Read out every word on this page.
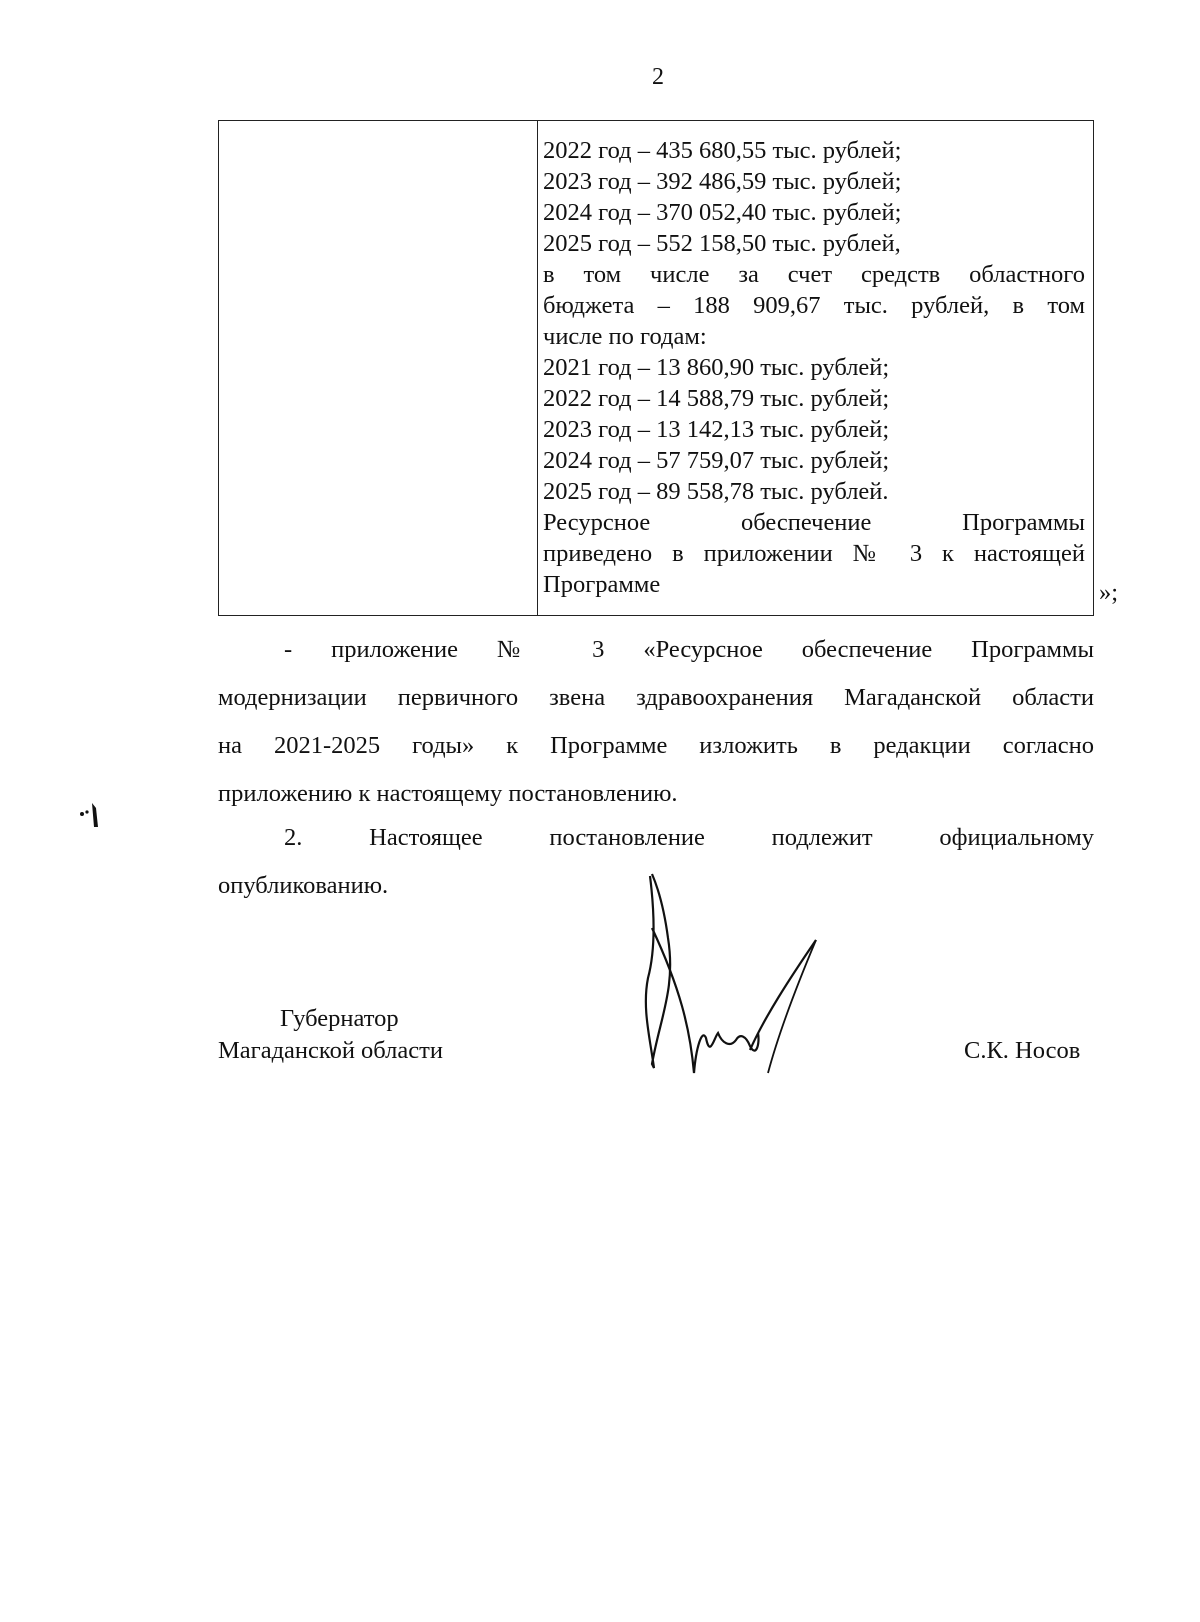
2
2022 год – 435 680,55 тыс. рублей;
2023 год – 392 486,59 тыс. рублей;
2024 год – 370 052,40 тыс. рублей;
2025 год – 552 158,50 тыс. рублей,
в том числе за счет средств областного
бюджета – 188 909,67 тыс. рублей, в том
числе по годам:
2021 год – 13 860,90 тыс. рублей;
2022 год – 14 588,79 тыс. рублей;
2023 год – 13 142,13 тыс. рублей;
2024 год – 57 759,07 тыс. рублей;
2025 год – 89 558,78 тыс. рублей.
Ресурсное обеспечение Программы
приведено в приложении № 3 к настоящей
Программе	»;
- приложение № 3 «Ресурсное обеспечение Программы
модернизации первичного звена здравоохранения Магаданской области
на 2021-2025 годы» к Программе изложить в редакции согласно
приложению к настоящему постановлению.
2. Настоящее постановление подлежит официальному
опубликованию.
Губернатор
Магаданской области	С.К. Носов
